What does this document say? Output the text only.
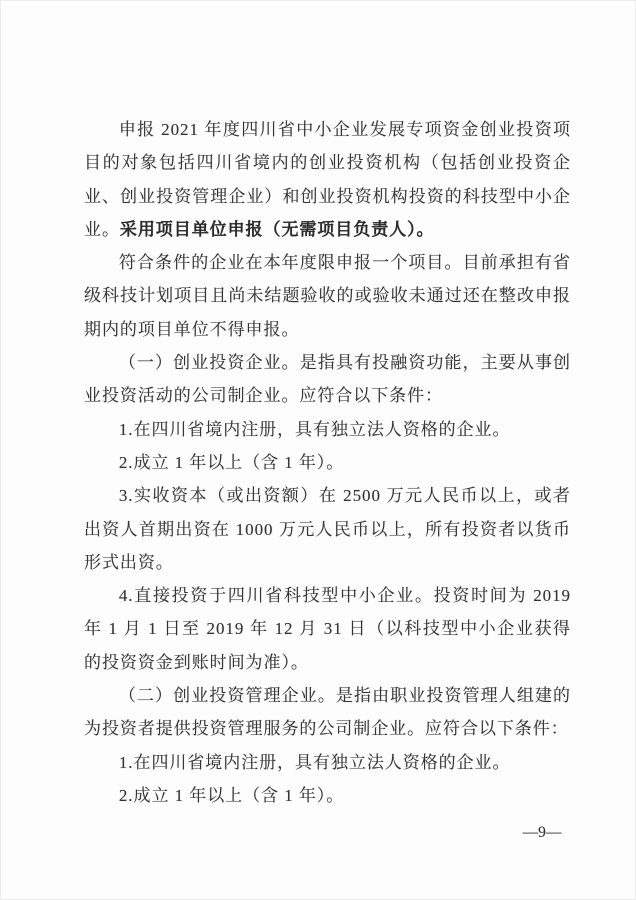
申报 2021 年度四川省中小企业发展专项资金创业投资项目的对象包括四川省境内的创业投资机构（包括创业投资企业、创业投资管理企业）和创业投资机构投资的科技型中小企业。采用项目单位申报（无需项目负责人）。

符合条件的企业在本年度限申报一个项目。目前承担有省级科技计划项目且尚未结题验收的或验收未通过还在整改申报期内的项目单位不得申报。

（一）创业投资企业。是指具有投融资功能，主要从事创业投资活动的公司制企业。应符合以下条件：

1.在四川省境内注册，具有独立法人资格的企业。

2.成立 1 年以上（含 1 年）。

3.实收资本（或出资额）在 2500 万元人民币以上，或者出资人首期出资在 1000 万元人民币以上，所有投资者以货币形式出资。

4.直接投资于四川省科技型中小企业。投资时间为 2019 年 1 月 1 日至 2019 年 12 月 31 日（以科技型中小企业获得的投资资金到账时间为准）。

（二）创业投资管理企业。是指由职业投资管理人组建的为投资者提供投资管理服务的公司制企业。应符合以下条件：

1.在四川省境内注册，具有独立法人资格的企业。

2.成立 1 年以上（含 1 年）。

—9—
